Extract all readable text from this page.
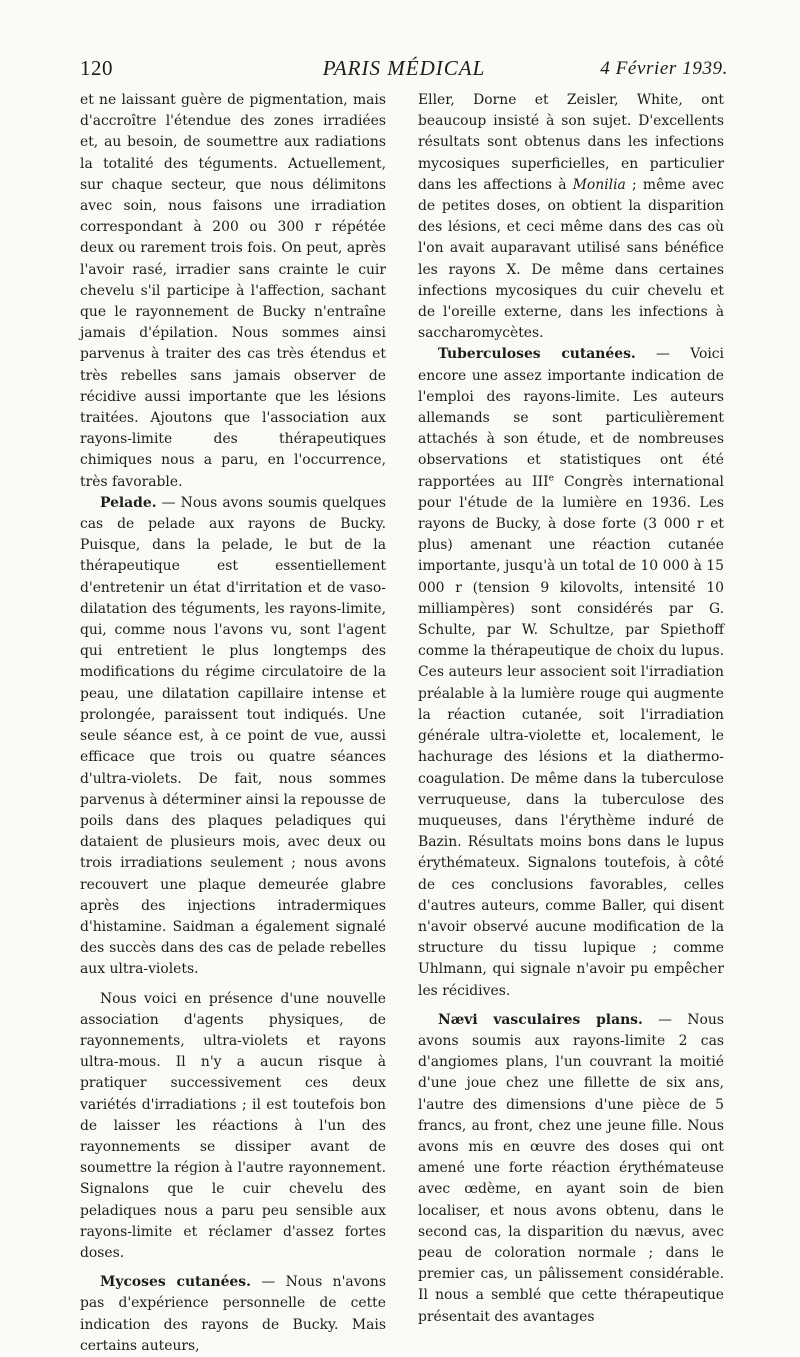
120	PARIS MÉDICAL	4 Février 1939.

et ne laissant guère de pigmentation, mais d'accroître l'étendue des zones irradiées et, au besoin, de soumettre aux radiations la totalité des téguments. Actuellement, sur chaque secteur, que nous délimitons avec soin, nous faisons une irradiation correspondant à 200 ou 300 r répétée deux ou rarement trois fois. On peut, après l'avoir rasé, irradier sans crainte le cuir chevelu s'il participe à l'affection, sachant que le rayonnement de Bucky n'entraîne jamais d'épilation. Nous sommes ainsi parvenus à traiter des cas très étendus et très rebelles sans jamais observer de récidive aussi importante que les lésions traitées. Ajoutons que l'association aux rayons-limite des thérapeutiques chimiques nous a paru, en l'occurrence, très favorable.

Pelade. — Nous avons soumis quelques cas de pelade aux rayons de Bucky. Puisque, dans la pelade, le but de la thérapeutique est essentiellement d'entretenir un état d'irritation et de vaso-dilatation des téguments, les rayons-limite, qui, comme nous l'avons vu, sont l'agent qui entretient le plus longtemps des modifications du régime circulatoire de la peau, une dilatation capillaire intense et prolongée, paraissent tout indiqués. Une seule séance est, à ce point de vue, aussi efficace que trois ou quatre séances d'ultra-violets. De fait, nous sommes parvenus à déterminer ainsi la repousse de poils dans des plaques peladiques qui dataient de plusieurs mois, avec deux ou trois irradiations seulement ; nous avons recouvert une plaque demeurée glabre après des injections intradermiques d'histamine. Saidman a également signalé des succès dans des cas de pelade rebelles aux ultra-violets.

Nous voici en présence d'une nouvelle association d'agents physiques, de rayonnements, ultra-violets et rayons ultra-mous. Il n'y a aucun risque à pratiquer successivement ces deux variétés d'irradiations ; il est toutefois bon de laisser les réactions à l'un des rayonnements se dissiper avant de soumettre la région à l'autre rayonnement. Signalons que le cuir chevelu des peladiques nous a paru peu sensible aux rayons-limite et réclamer d'assez fortes doses.

Mycoses cutanées. — Nous n'avons pas d'expérience personnelle de cette indication des rayons de Bucky. Mais certains auteurs,

Eller, Dorne et Zeisler, White, ont beaucoup insisté à son sujet. D'excellents résultats sont obtenus dans les infections mycosiques superficielles, en particulier dans les affections à Monilia ; même avec de petites doses, on obtient la disparition des lésions, et ceci même dans des cas où l'on avait auparavant utilisé sans bénéfice les rayons X. De même dans certaines infections mycosiques du cuir chevelu et de l'oreille externe, dans les infections à saccharomycètes.

Tuberculoses cutanées. — Voici encore une assez importante indication de l'emploi des rayons-limite. Les auteurs allemands se sont particulièrement attachés à son étude, et de nombreuses observations et statistiques ont été rapportées au IIIe Congrès international pour l'étude de la lumière en 1936. Les rayons de Bucky, à dose forte (3 000 r et plus) amenant une réaction cutanée importante, jusqu'à un total de 10 000 à 15 000 r (tension 9 kilovolts, intensité 10 milliampères) sont considérés par G. Schulte, par W. Schultze, par Spiethoff comme la thérapeutique de choix du lupus. Ces auteurs leur associent soit l'irradiation préalable à la lumière rouge qui augmente la réaction cutanée, soit l'irradiation générale ultra-violette et, localement, le hachurage des lésions et la diathermo-coagulation. De même dans la tuberculose verruqueuse, dans la tuberculose des muqueuses, dans l'érythème induré de Bazin. Résultats moins bons dans le lupus érythémateux. Signalons toutefois, à côté de ces conclusions favorables, celles d'autres auteurs, comme Baller, qui disent n'avoir observé aucune modification de la structure du tissu lupique ; comme Uhlmann, qui signale n'avoir pu empêcher les récidives.

Nævi vasculaires plans. — Nous avons soumis aux rayons-limite 2 cas d'angiomes plans, l'un couvrant la moitié d'une joue chez une fillette de six ans, l'autre des dimensions d'une pièce de 5 francs, au front, chez une jeune fille. Nous avons mis en œuvre des doses qui ont amené une forte réaction érythémateuse avec œdème, en ayant soin de bien localiser, et nous avons obtenu, dans le second cas, la disparition du nævus, avec peau de coloration normale ; dans le premier cas, un pâlissement considérable. Il nous a semblé que cette thérapeutique présentait des avantages
